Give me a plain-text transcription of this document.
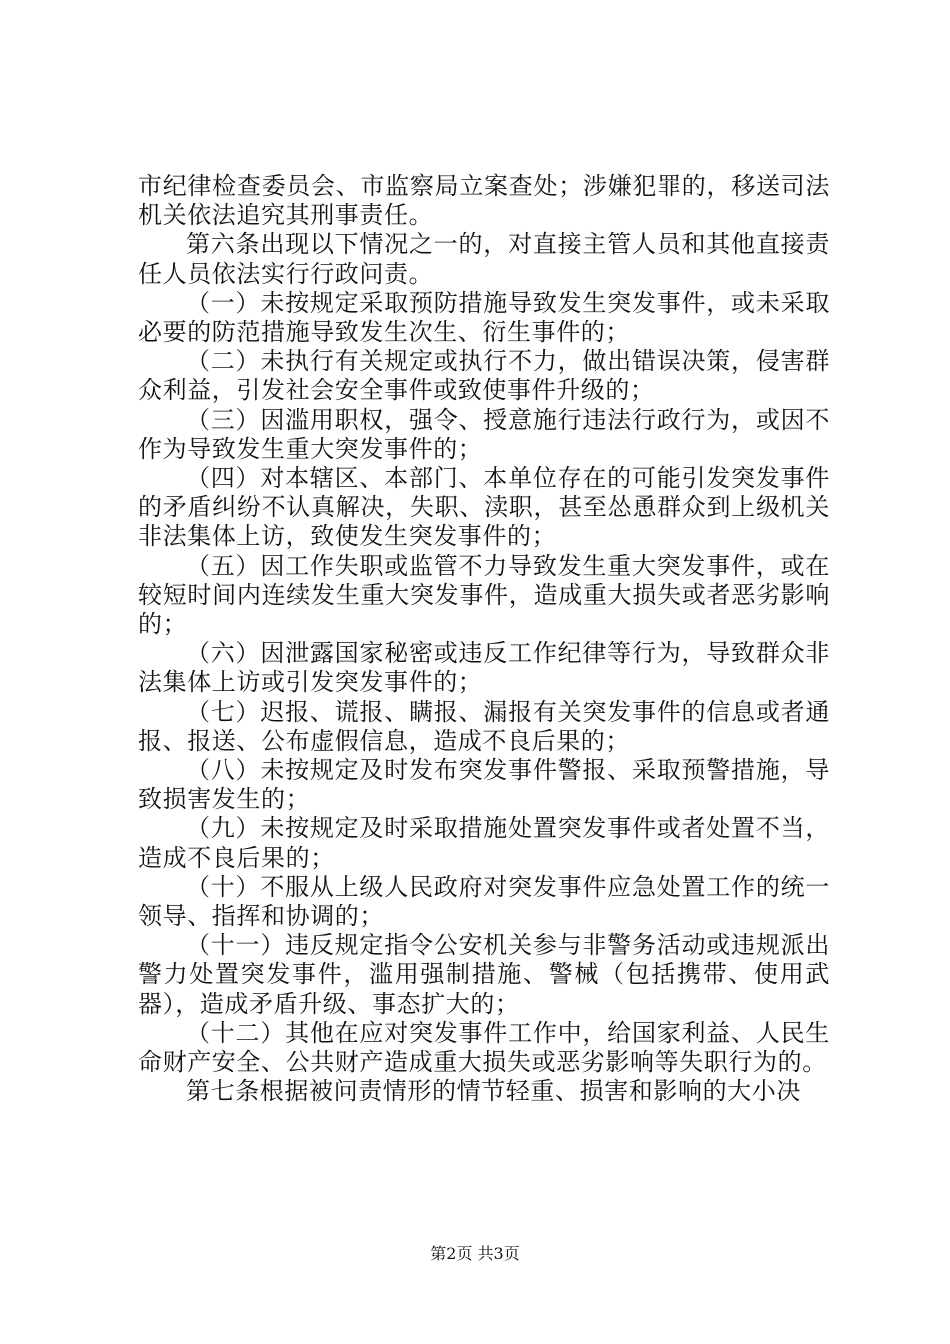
市纪律检查委员会、市监察局立案查处；涉嫌犯罪的，移送司法机关依法追究其刑事责任。

第六条出现以下情况之一的，对直接主管人员和其他直接责任人员依法实行行政问责。

（一）未按规定采取预防措施导致发生突发事件，或未采取必要的防范措施导致发生次生、衍生事件的；

（二）未执行有关规定或执行不力，做出错误决策，侵害群众利益，引发社会安全事件或致使事件升级的；

（三）因滥用职权，强令、授意施行违法行政行为，或因不作为导致发生重大突发事件的；

（四）对本辖区、本部门、本单位存在的可能引发突发事件的矛盾纠纷不认真解决，失职、渎职，甚至怂恿群众到上级机关非法集体上访，致使发生突发事件的；

（五）因工作失职或监管不力导致发生重大突发事件，或在较短时间内连续发生重大突发事件，造成重大损失或者恶劣影响的；

（六）因泄露国家秘密或违反工作纪律等行为，导致群众非法集体上访或引发突发事件的；

（七）迟报、谎报、瞒报、漏报有关突发事件的信息或者通报、报送、公布虚假信息，造成不良后果的；

（八）未按规定及时发布突发事件警报、采取预警措施，导致损害发生的；

（九）未按规定及时采取措施处置突发事件或者处置不当，造成不良后果的；

（十）不服从上级人民政府对突发事件应急处置工作的统一领导、指挥和协调的；

（十一）违反规定指令公安机关参与非警务活动或违规派出警力处置突发事件，滥用强制措施、警械（包括携带、使用武器），造成矛盾升级、事态扩大的；

（十二）其他在应对突发事件工作中，给国家利益、人民生命财产安全、公共财产造成重大损失或恶劣影响等失职行为的。

第七条根据被问责情形的情节轻重、损害和影响的大小决

第2页 共3页
